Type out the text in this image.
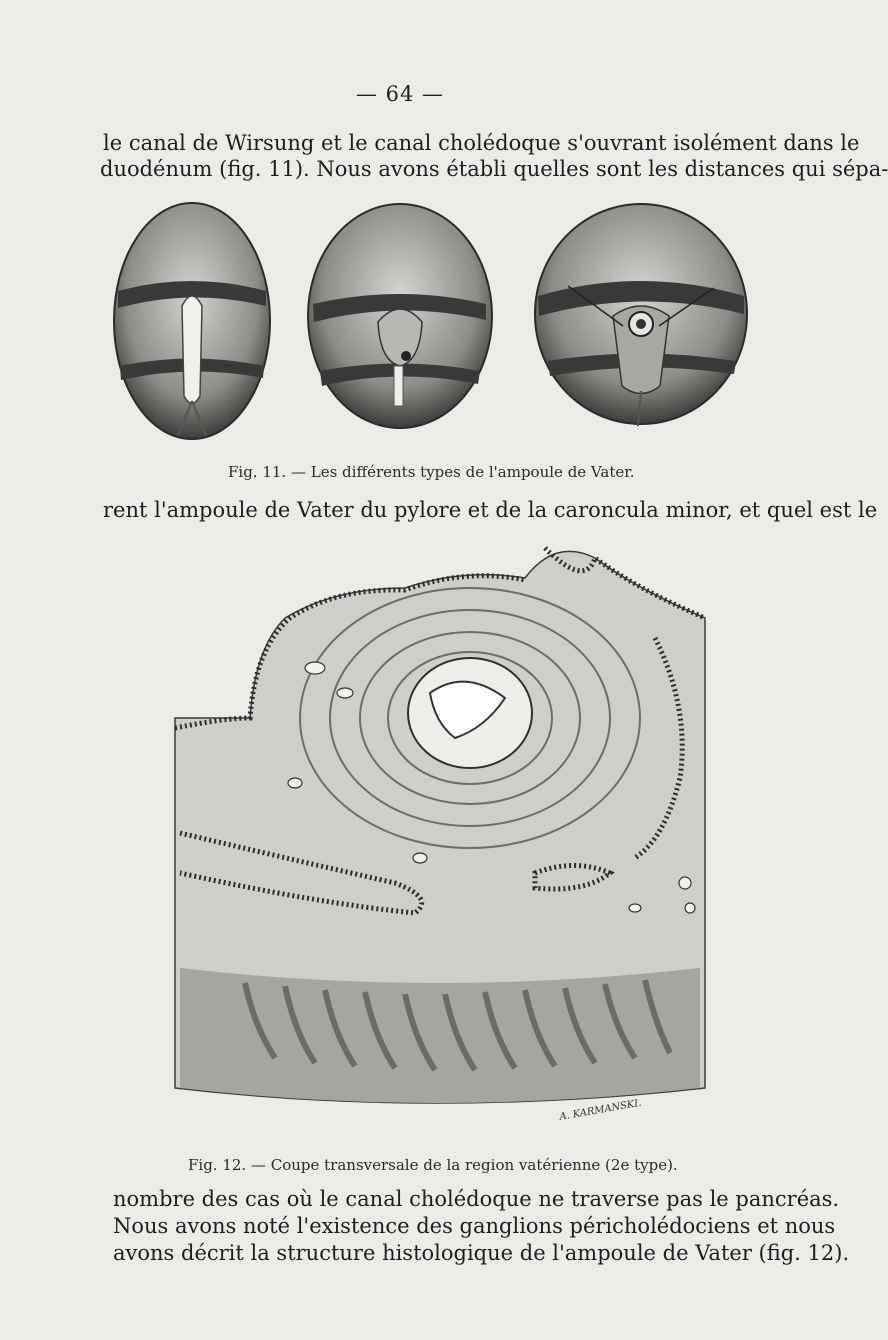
— 64 —
le canal de Wirsung et le canal cholédoque s'ouvrant isolément dans le
duodénum (fig. 11). Nous avons établi quelles sont les distances qui sépa-
Fig. 11. — Les différents types de l'ampoule de Vater.
rent l'ampoule de Vater du pylore et de la caroncula minor, et quel est le
A. KARMANSKI.
Fig. 12. — Coupe transversale de la region vatérienne (2e type).
nombre des cas où le canal cholédoque ne traverse pas le pancréas.
Nous avons noté l'existence des ganglions péricholédociens et nous
avons décrit la structure histologique de l'ampoule de Vater (fig. 12).
